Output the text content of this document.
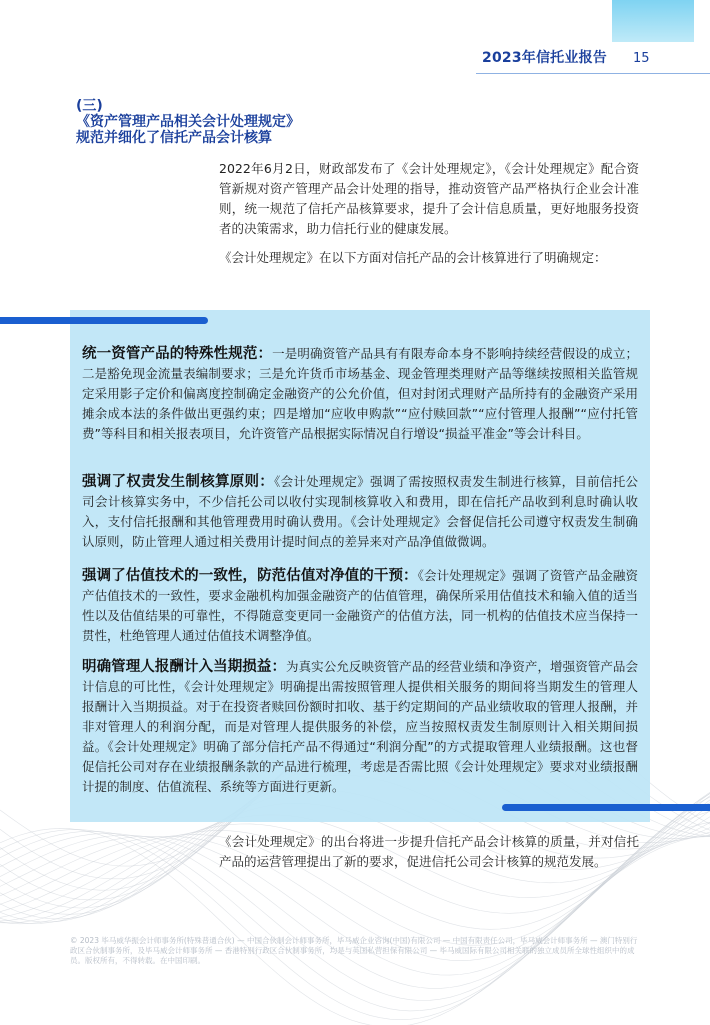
2023年信托业报告 15
(三)
《资产管理产品相关会计处理规定》
规范并细化了信托产品会计核算

2022年6月2日，财政部发布了《会计处理规定》，《会计处理规定》配合资管新规对资产管理产品会计处理的指导，推动资管产品严格执行企业会计准则，统一规范了信托产品核算要求，提升了会计信息质量，更好地服务投资者的决策需求，助力信托行业的健康发展。

《会计处理规定》在以下方面对信托产品的会计核算进行了明确规定：

统一资管产品的特殊性规范：一是明确资管产品具有有限寿命本身不影响持续经营假设的成立；二是豁免现金流量表编制要求；三是允许货币市场基金、现金管理类理财产品等继续按照相关监管规定采用影子定价和偏离度控制确定金融资产的公允价值，但对封闭式理财产品所持有的金融资产采用摊余成本法的条件做出更强约束；四是增加“应收申购款”“应付赎回款”“应付管理人报酬”“应付托管费”等科目和相关报表项目，允许资管产品根据实际情况自行增设“损益平准金”等会计科目。

强调了权责发生制核算原则：《会计处理规定》强调了需按照权责发生制进行核算，目前信托公司会计核算实务中，不少信托公司以收付实现制核算收入和费用，即在信托产品收到利息时确认收入，支付信托报酬和其他管理费用时确认费用。《会计处理规定》会督促信托公司遵守权责发生制确认原则，防止管理人通过相关费用计提时间点的差异来对产品净值做微调。

强调了估值技术的一致性，防范估值对净值的干预：《会计处理规定》强调了资管产品金融资产估值技术的一致性，要求金融机构加强金融资产的估值管理，确保所采用估值技术和输入值的适当性以及估值结果的可靠性，不得随意变更同一金融资产的估值方法，同一机构的估值技术应当保持一贯性，杜绝管理人通过估值技术调整净值。

明确管理人报酬计入当期损益：为真实公允反映资管产品的经营业绩和净资产，增强资管产品会计信息的可比性，《会计处理规定》明确提出需按照管理人提供相关服务的期间将当期发生的管理人报酬计入当期损益。对于在投资者赎回份额时扣收、基于约定期间的产品业绩收取的管理人报酬，并非对管理人的利润分配，而是对管理人提供服务的补偿，应当按照权责发生制原则计入相关期间损益。《会计处理规定》明确了部分信托产品不得通过“利润分配”的方式提取管理人业绩报酬。这也督促信托公司对存在业绩报酬条款的产品进行梳理，考虑是否需比照《会计处理规定》要求对业绩报酬计提的制度、估值流程、系统等方面进行更新。

《会计处理规定》的出台将进一步提升信托产品会计核算的质量，并对信托产品的运营管理提出了新的要求，促进信托公司会计核算的规范发展。

© 2023 毕马威华振会计师事务所(特殊普通合伙) — 中国合伙制会计师事务所，毕马威企业咨询(中国)有限公司 — 中国有限责任公司，毕马威会计师事务所 — 澳门特别行政区合伙制事务所，及毕马威会计师事务所 — 香港特别行政区合伙制事务所，均是与英国私营担保有限公司 — 毕马威国际有限公司相关联的独立成员所全球性组织中的成员。版权所有，不得转载。在中国印刷。
